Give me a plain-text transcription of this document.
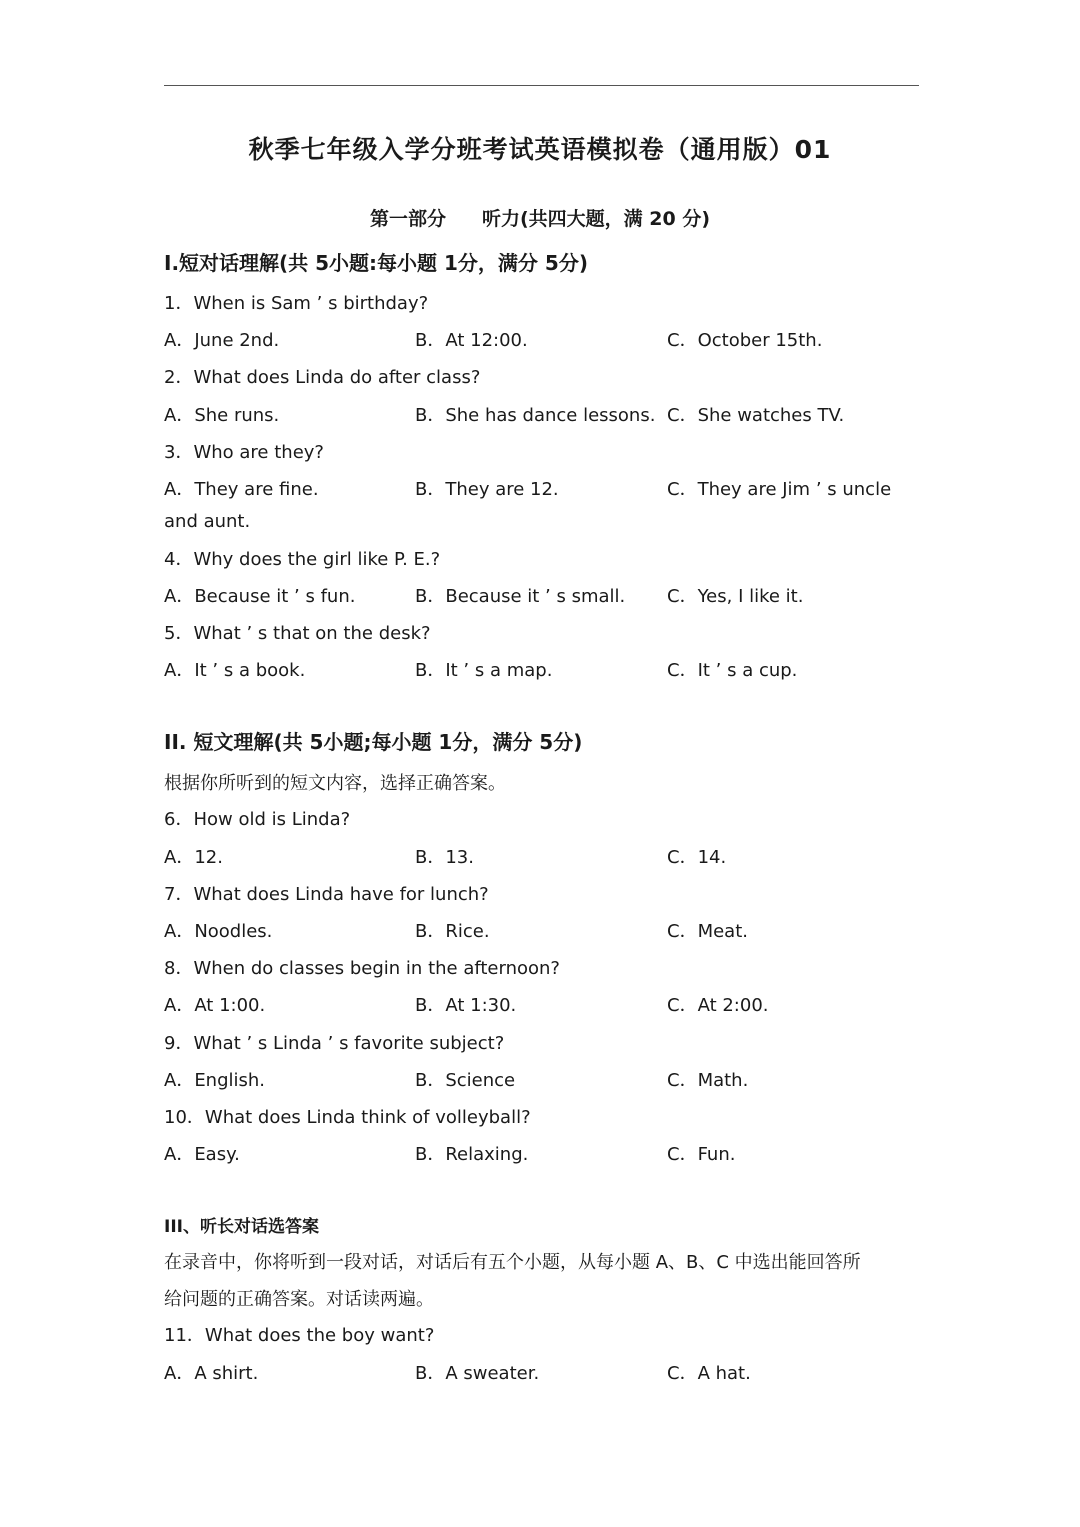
秋季七年级入学分班考试英语模拟卷（通用版）01
第一部分 听力(共四大题，满 20 分)
I.短对话理解(共 5小题:每小题 1分，满分 5分)
1．When is Sam ’ s birthday?
A．June 2nd.	B．At 12:00.	C．October 15th.
2．What does Linda do after class?
A．She runs.	B．She has dance lessons. C．She watches TV.
3．Who are they?
A．They are fine.	B．They are 12.	C．They are Jim ’ s uncle
and aunt.
4．Why does the girl like P. E.?
A．Because it ’ s fun.	B．Because it ’ s small. C．Yes, I like it.
5．What ’ s that on the desk?
A．It ’ s a book.	B．It ’ s a map.	C．It ’ s a cup.
II. 短文理解(共 5小题;每小题 1分，满分 5分)
根据你所听到的短文内容，选择正确答案。
6．How old is Linda?
A．12.	B．13.	C．14.
7．What does Linda have for lunch?
A．Noodles.	B．Rice.	C．Meat.
8．When do classes begin in the afternoon?
A．At 1:00.	B．At 1:30.	C．At 2:00.
9．What ’ s Linda ’ s favorite subject?
A．English.	B．Science	C．Math.
10．What does Linda think of volleyball?
A．Easy.	B．Relaxing.	C．Fun.
III、听长对话选答案
在录音中，你将听到一段对话，对话后有五个小题，从每小题 A、B、C 中选出能回答所
给问题的正确答案。对话读两遍。
11．What does the boy want?
A．A shirt.	B．A sweater.	C．A hat.
